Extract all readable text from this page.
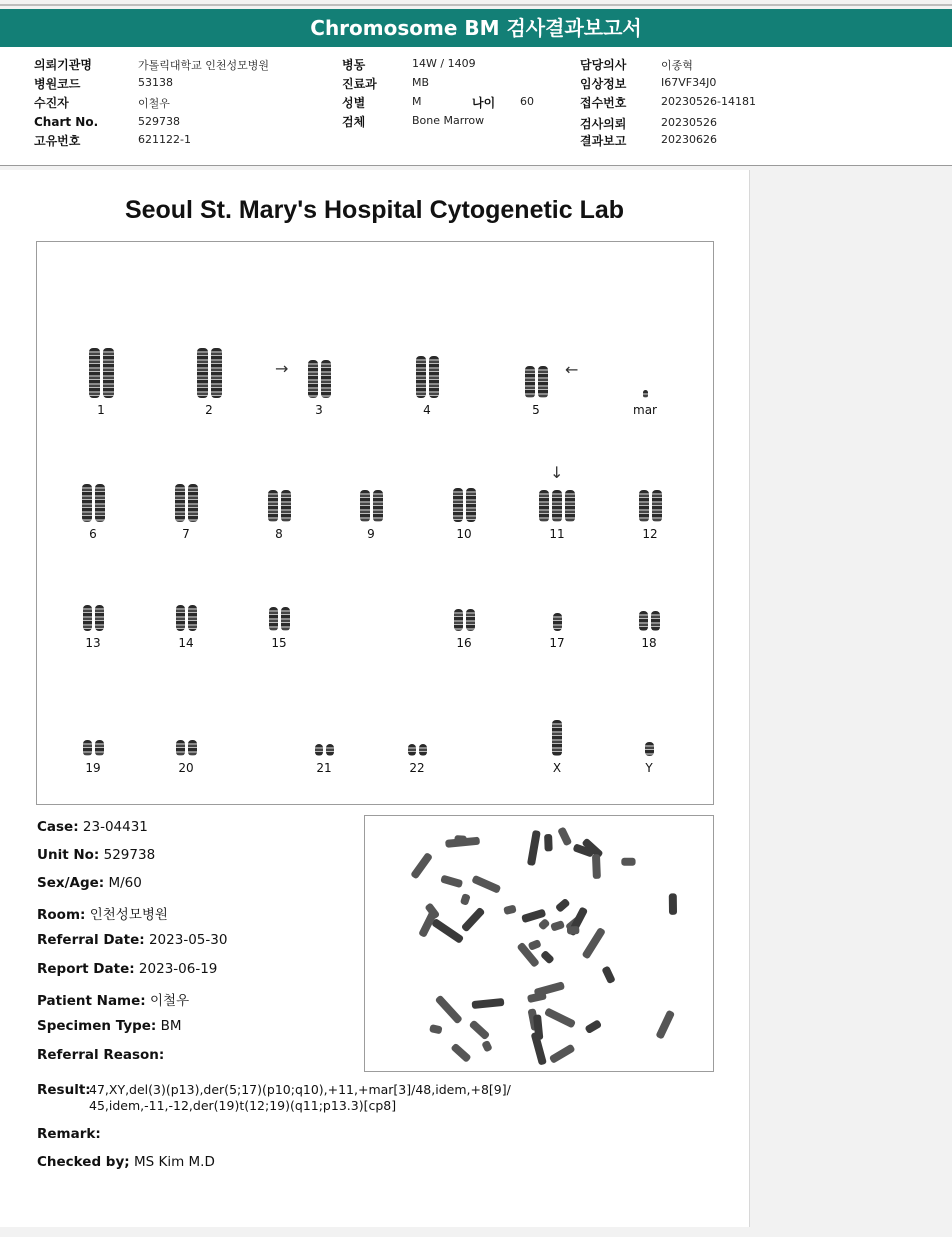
Chromosome BM 검사결과보고서
의뢰기관명	가톨릭대학교 인천성모병원
병원코드	53138
수진자	이철우
Chart No.	529738
고유번호	621122-1
병동	14W / 1409
진료과	MB
성별	M	나이 60
검체	Bone Marrow
담당의사	이종혁
임상정보	I67VF34J0
접수번호	20230526-14181
검사의뢰	20230526
결과보고	20230626
Seoul St. Mary's Hospital Cytogenetic Lab
1	2	3	4	5	mar
6	7	8	9	10	11	12
13	14	15	16	17	18
19	20	21	22	X	Y
→	←
↓
Case: 23-04431
Unit No: 529738
Sex/Age: M/60
Room: 인천성모병원
Referral Date: 2023-05-30
Report Date: 2023-06-19
Patient Name: 이철우
Specimen Type: BM
Referral Reason:
Result:
47,XY,del(3)(p13),der(5;17)(p10;q10),+11,+mar[3]/48,idem,+8[9]/
45,idem,-11,-12,der(19)t(12;19)(q11;p13.3)[cp8]
Remark:
Checked by; MS Kim M.D
